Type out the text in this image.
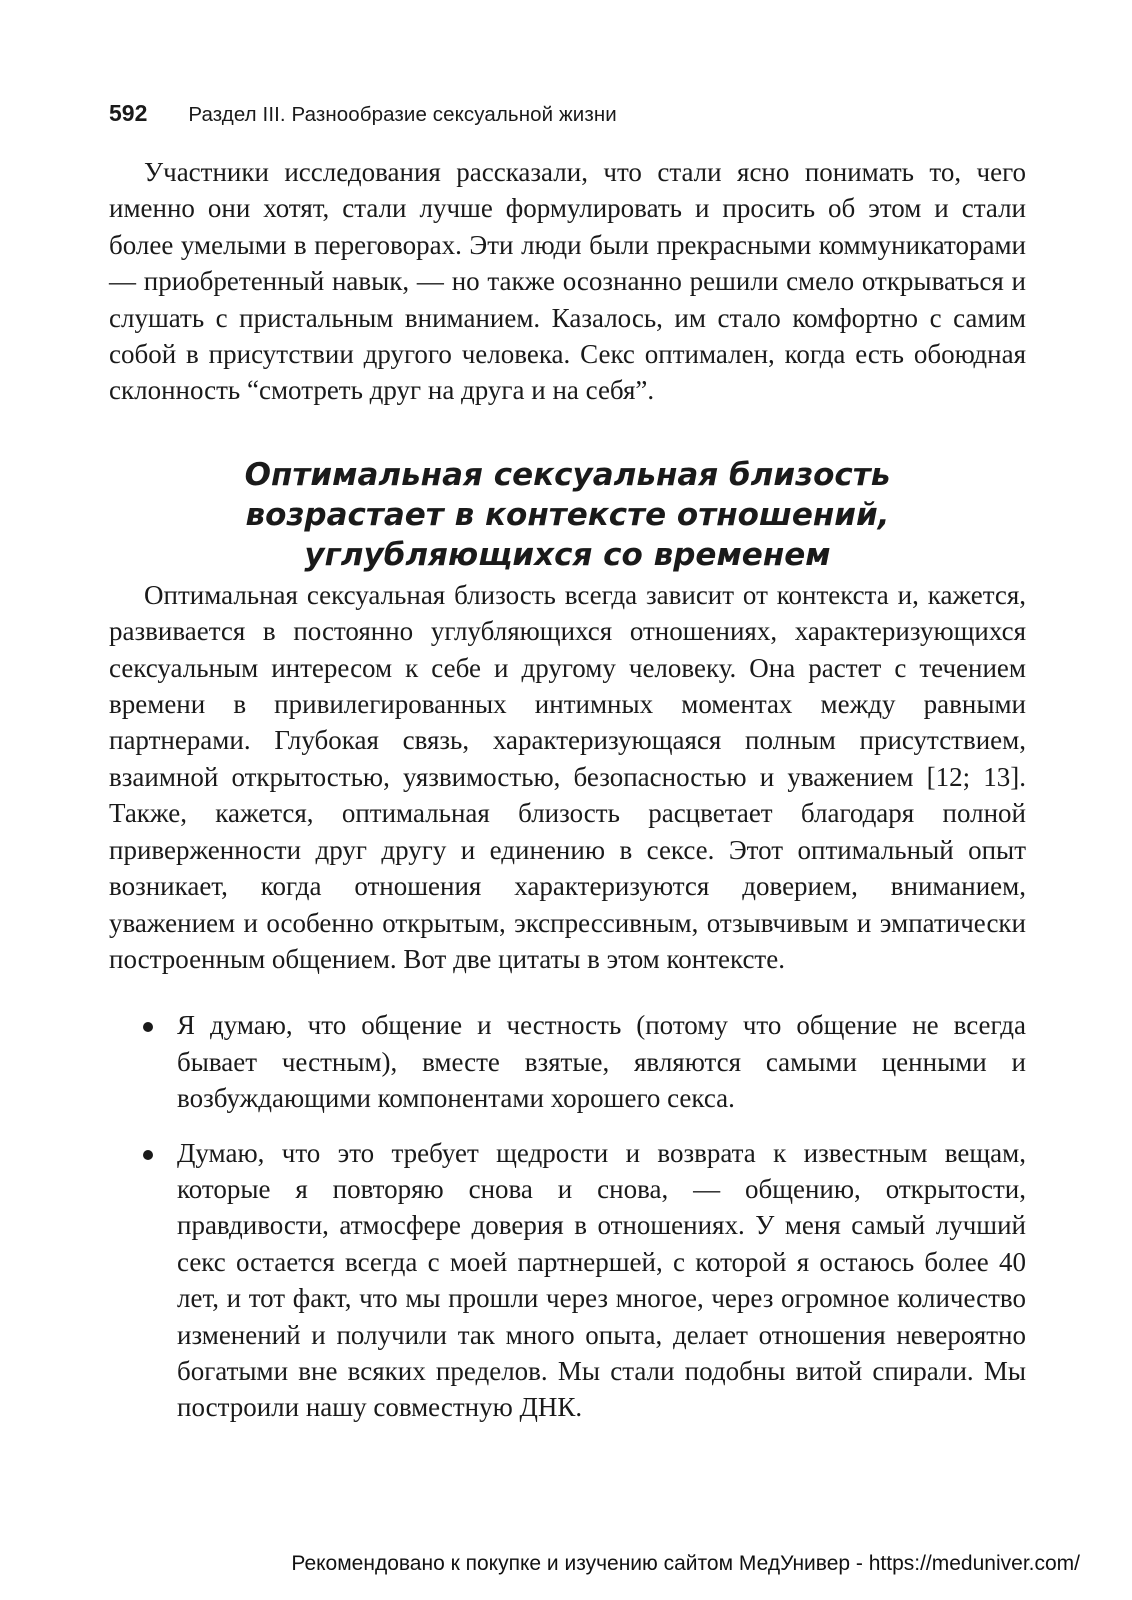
592 Раздел III. Разнообразие сексуальной жизни

Участники исследования рассказали, что стали ясно понимать то, чего именно они хотят, стали лучше формулировать и просить об этом и стали более умелыми в переговорах. Эти люди были прекрасными коммуникаторами — приобретенный навык, — но также осознанно решили смело открываться и слушать с пристальным вниманием. Казалось, им стало комфортно с самим собой в присутствии другого человека. Секс оптимален, когда есть обоюдная склонность “смотреть друг на друга и на себя”.

Оптимальная сексуальная близость возрастает в контексте отношений, углубляющихся со временем

Оптимальная сексуальная близость всегда зависит от контекста и, кажется, развивается в постоянно углубляющихся отношениях, характеризующихся сексуальным интересом к себе и другому человеку. Она растет с течением времени в привилегированных интимных моментах между равными партнерами. Глубокая связь, характеризующаяся полным присутствием, взаимной открытостью, уязвимостью, безопасностью и уважением [12; 13]. Также, кажется, оптимальная близость расцветает благодаря полной приверженности друг другу и единению в сексе. Этот оптимальный опыт возникает, когда отношения характеризуются доверием, вниманием, уважением и особенно открытым, экспрессивным, отзывчивым и эмпатически построенным общением. Вот две цитаты в этом контексте.

Я думаю, что общение и честность (потому что общение не всегда бывает честным), вместе взятые, являются самыми ценными и возбуждающими компонентами хорошего секса.
Думаю, что это требует щедрости и возврата к известным вещам, которые я повторяю снова и снова, — общению, открытости, правдивости, атмосфере доверия в отношениях. У меня самый лучший секс остается всегда с моей партнершей, с которой я остаюсь более 40 лет, и тот факт, что мы прошли через многое, через огромное количество изменений и получили так много опыта, делает отношения невероятно богатыми вне всяких пределов. Мы стали подобны витой спирали. Мы построили нашу совместную ДНК.
Рекомендовано к покупке и изучению сайтом МедУнивер - https://meduniver.com/
